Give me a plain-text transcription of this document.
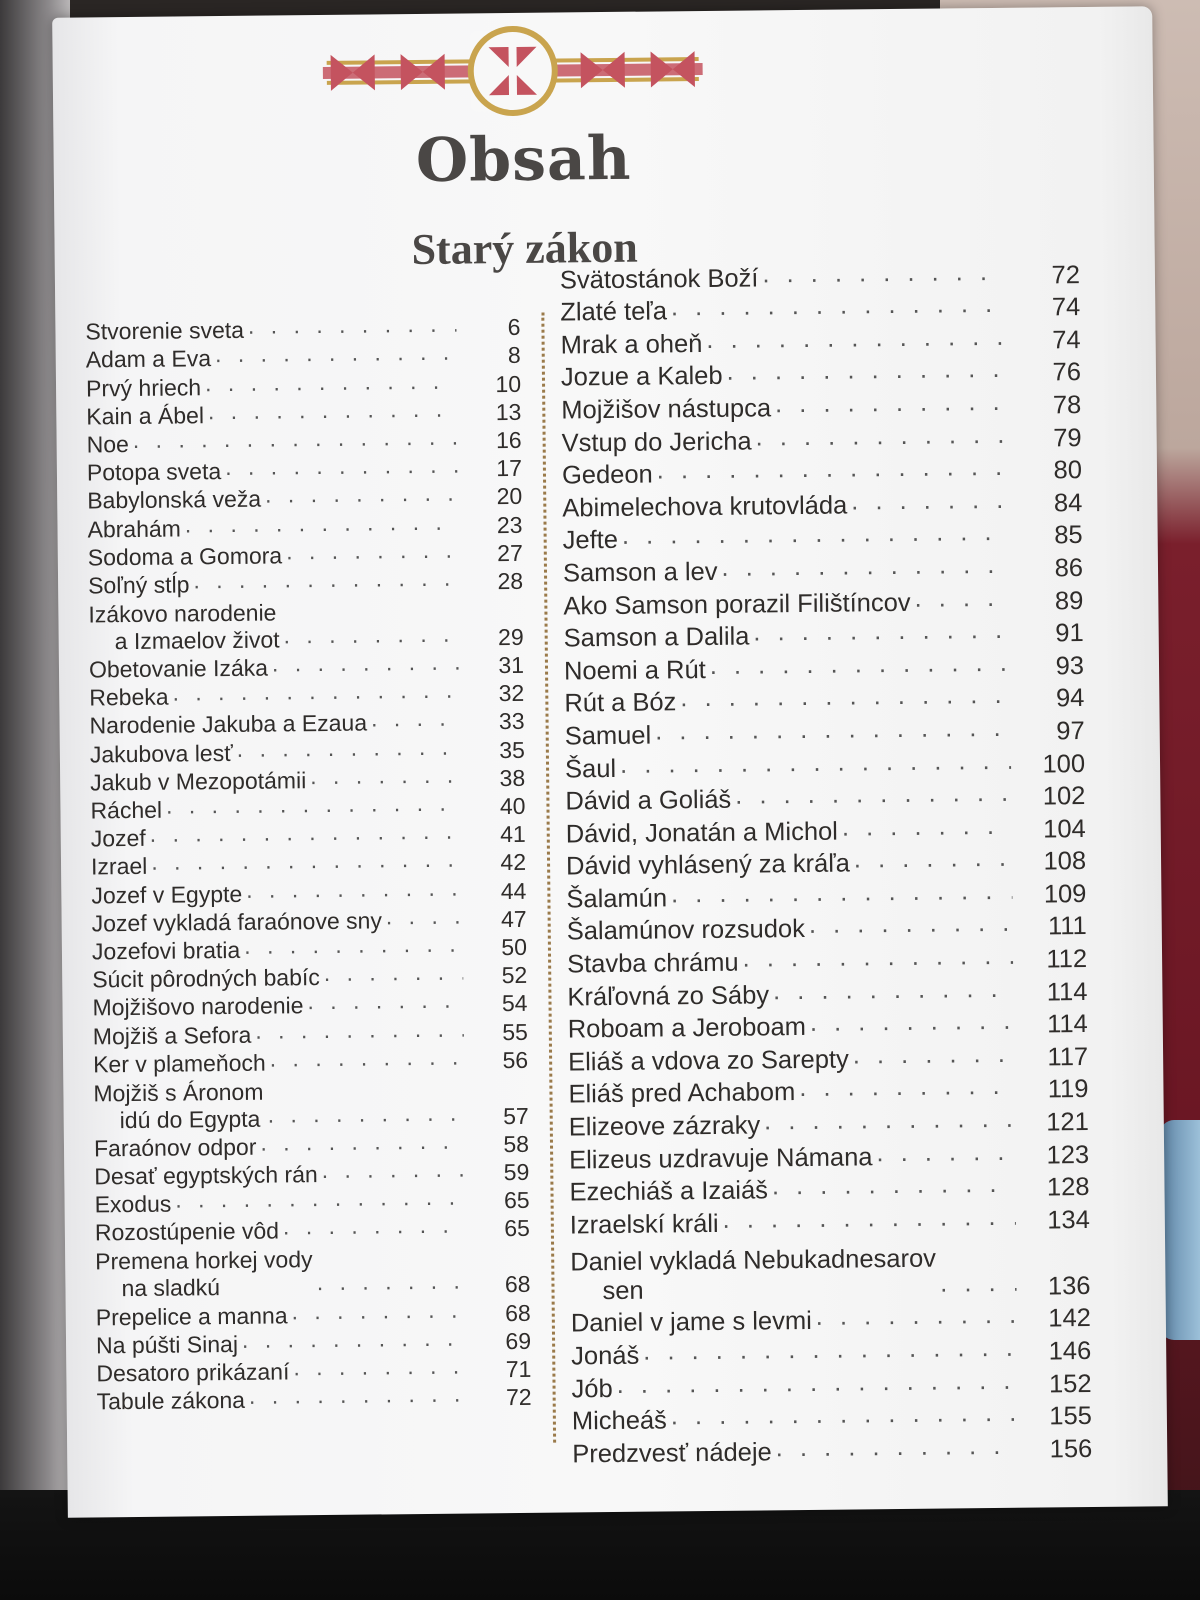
Obsah
Starý zákon
Stvorenie sveta . . .	6
Adam a Eva . . .	8
Prvý hriech . . .	10
Kain a Ábel . . .	13
Noe . . .	16
Potopa sveta . . .	17
Babylonská veža . . .	20
Abrahám . . .	23
Sodoma a Gomora . . .	27
Soľný stĺp . . .	28
Izákovo narodenie
a Izmaelov život . . .	29
Obetovanie Izáka . . .	31
Rebeka . . .	32
Narodenie Jakuba a Ezaua . . .	33
Jakubova lesť . . .	35
Jakub v Mezopotámii . . .	38
Ráchel . . .	40
Jozef . . .	41
Izrael . . .	42
Jozef v Egypte . . .	44
Jozef vykladá faraónove sny . . .	47
Jozefovi bratia . . .	50
Súcit pôrodných babíc . . .	52
Mojžišovo narodenie . . .	54
Mojžiš a Sefora . . .	55
Ker v plameňoch . . .	56
Mojžiš s Áronom
idú do Egypta . . .	57
Faraónov odpor . . .	58
Desať egyptských rán . . .	59
Exodus . . .	65
Rozostúpenie vôd . . .	65
Premena horkej vody
na sladkú . . .	68
Prepelice a manna . . .	68
Na púšti Sinaj . . .	69
Desatoro prikázaní . . .	71
Tabule zákona . . .	72
Svätostánok Boží . . .	72
Zlaté teľa . . .	74
Mrak a oheň . . .	74
Jozue a Kaleb . . .	76
Mojžišov nástupca . . .	78
Vstup do Jericha . . .	79
Gedeon . . .	80
Abimelechova krutovláda . . .	84
Jefte . . .	85
Samson a lev . . .	86
Ako Samson porazil Filištíncov . . .	89
Samson a Dalila . . .	91
Noemi a Rút . . .	93
Rút a Bóz . . .	94
Samuel . . .	97
Šaul . . .	100
Dávid a Goliáš . . .	102
Dávid, Jonatán a Michol . . .	104
Dávid vyhlásený za kráľa . . .	108
Šalamún . . .	109
Šalamúnov rozsudok . . .	111
Stavba chrámu . . .	112
Kráľovná zo Sáby . . .	114
Roboam a Jeroboam . . .	114
Eliáš a vdova zo Sarepty . . .	117
Eliáš pred Achabom . . .	119
Elizeove zázraky . . .	121
Elizeus uzdravuje Námana . . .	123
Ezechiáš a Izaiáš . . .	128
Izraelskí králi . . .	134
Daniel vykladá Nebukadnesarov
sen . . .	136
Daniel v jame s levmi . . .	142
Jonáš . . .	146
Jób . . .	152
Micheáš . . .	155
Predzvesť nádeje . . .	156
